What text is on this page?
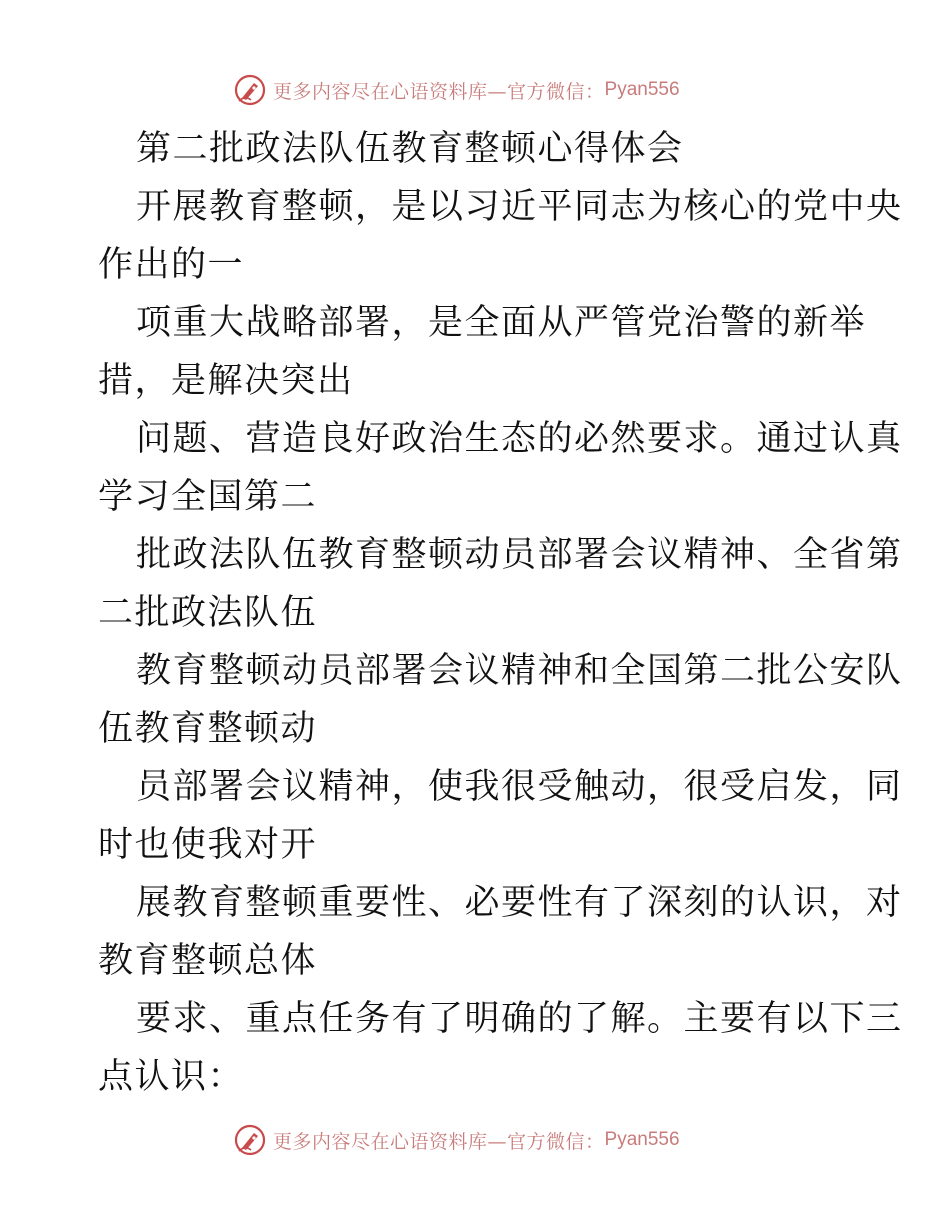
更多内容尽在心语资料库—官方微信： Pyan556
第二批政法队伍教育整顿心得体会
开展教育整顿，是以习近平同志为核心的党中央
作出的一
项重大战略部署，是全面从严管党治警的新举
措，是解决突出
问题、营造良好政治生态的必然要求。通过认真
学习全国第二
批政法队伍教育整顿动员部署会议精神、全省第
二批政法队伍
教育整顿动员部署会议精神和全国第二批公安队
伍教育整顿动
员部署会议精神，使我很受触动，很受启发，同
时也使我对开
展教育整顿重要性、必要性有了深刻的认识，对
教育整顿总体
要求、重点任务有了明确的了解。主要有以下三
点认识：
更多内容尽在心语资料库—官方微信： Pyan556
